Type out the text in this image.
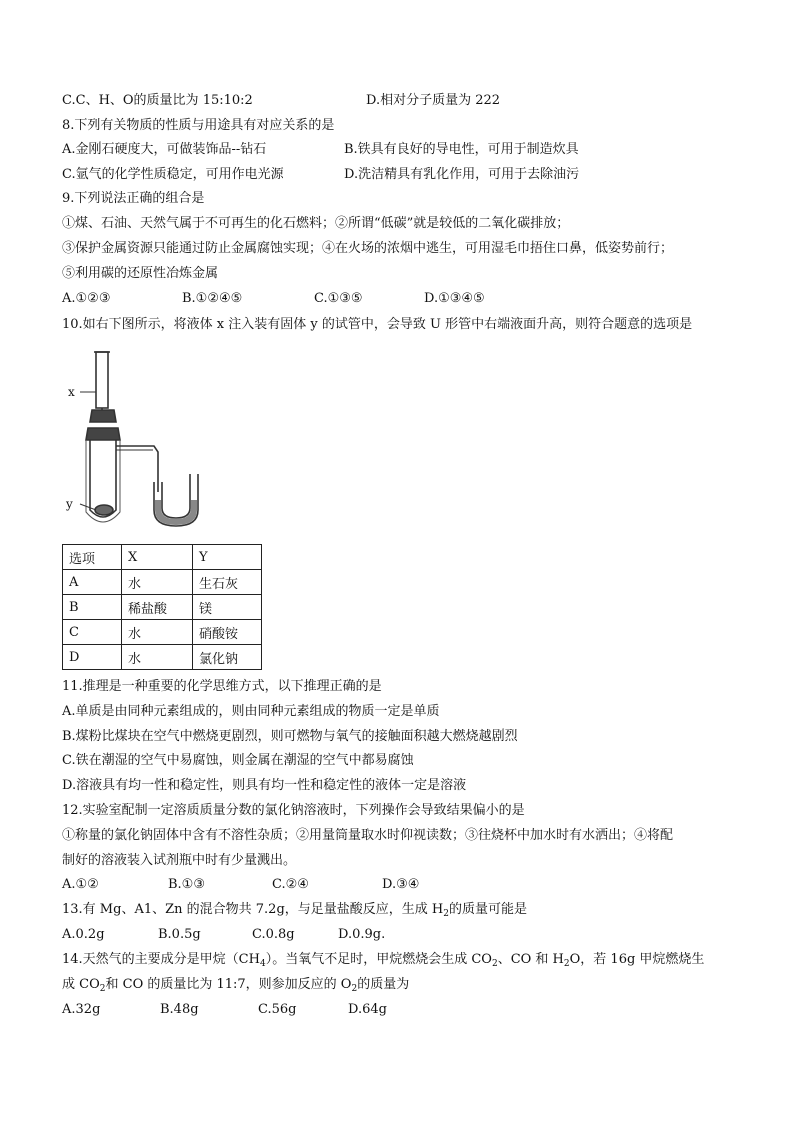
C.C、H、O的质量比为 15:10:2	D.相对分子质量为 222
8.下列有关物质的性质与用途具有对应关系的是
A.金刚石硬度大，可做装饰品--钻石	B.铁具有良好的导电性，可用于制造炊具
C.氩气的化学性质稳定，可用作电光源	D.洗洁精具有乳化作用，可用于去除油污
9.下列说法正确的组合是
①煤、石油、天然气属于不可再生的化石燃料；②所谓“低碳”就是较低的二氧化碳排放；
③保护金属资源只能通过防止金属腐蚀实现；④在火场的浓烟中逃生，可用湿毛巾捂住口鼻，低姿势前行；
⑤利用碳的还原性冶炼金属
A.①②③	B.①②④⑤	C.①③⑤	D.①③④⑤
10.如右下图所示，将液体 x 注入装有固体 y 的试管中，会导致 U 形管中右端液面升高，则符合题意的选项是
x
y
选项	X	Y
A	水	生石灰
B	稀盐酸	镁
C	水	硝酸铵
D	水	氯化钠
11.推理是一种重要的化学思维方式，以下推理正确的是
A.单质是由同种元素组成的，则由同种元素组成的物质一定是单质
B.煤粉比煤块在空气中燃烧更剧烈，则可燃物与氧气的接触面积越大燃烧越剧烈
C.铁在潮湿的空气中易腐蚀，则金属在潮湿的空气中都易腐蚀
D.溶液具有均一性和稳定性，则具有均一性和稳定性的液体一定是溶液
12.实验室配制一定溶质质量分数的氯化钠溶液时，下列操作会导致结果偏小的是
①称量的氯化钠固体中含有不溶性杂质；②用量筒量取水时仰视读数；③往烧杯中加水时有水洒出；④将配
制好的溶液装入试剂瓶中时有少量溅出。
A.①②	B.①③	C.②④	D.③④
13.有 Mg、A1、Zn 的混合物共 7.2g，与足量盐酸反应，生成 $H_2$的质量可能是
A.0.2g	B.0.5g	C.0.8g	D.0.9g.
14.天然气的主要成分是甲烷$(CH_4)$。当氧气不足时，甲烷燃烧会生成 $CO_2$、CO 和 $H_2O$，若 16g 甲烷燃烧生
成 $CO_2$和 CO 的质量比为 11:7，则参加反应的 $O_2$的质量为
A.32g	B.48g	C.56g	D.64g
